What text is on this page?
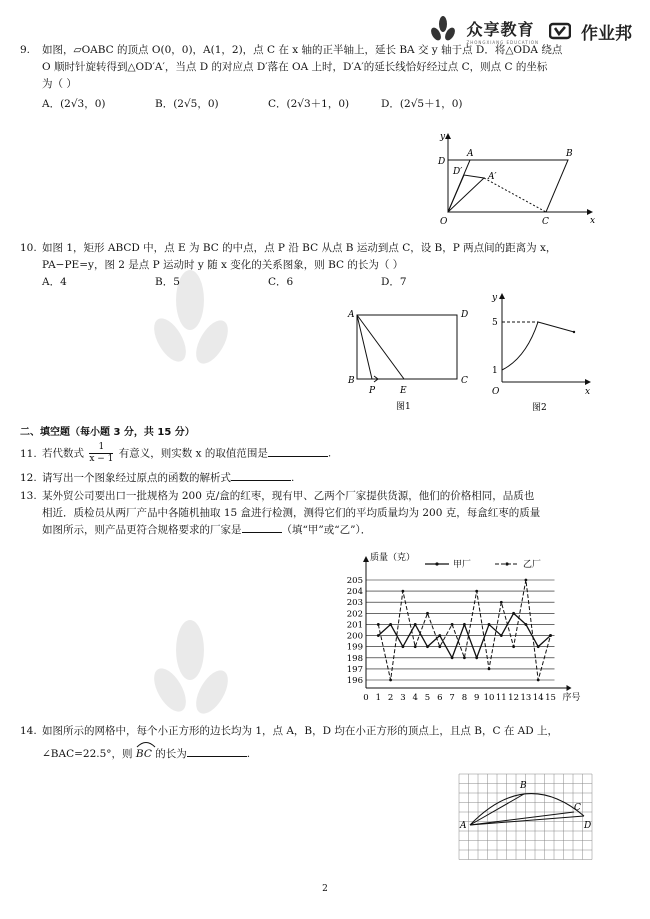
众享教育
ZHONGXIANG EDUCATION 作业邦
9. 如图，▱OABC 的顶点 O(0，0)，A(1，2)，点 C 在 x 轴的正半轴上，延长 BA 交 y 轴于点 D．将△ODA 绕点
O 顺时针旋转得到△OD′A′，当点 D 的对应点 D′落在 OA 上时，D′A′的延长线恰好经过点 C，则点 C 的坐标
为（ ）
A．(2√3，0)	B．(2√5，0)	C．(2√3＋1，0)	D．(2√5＋1，0)
O
y
x
C
D
A	B
D′	A′
10. 如图 1，矩形 ABCD 中，点 E 为 BC 的中点，点 P 沿 BC 从点 B 运动到点 C，设 B，P 两点间的距离为 x，
PA−PE=y，图 2 是点 P 运动时 y 随 x 变化的关系图象，则 BC 的长为（ ）
A．4	B．5	C．6	D．7
A	D
B	C
P	E
图1
y
x
O
5
1
图2
二、填空题（每小题 3 分，共 15 分）
11. 若代数式 $\frac{1}{x - 1}$ 有意义，则实数 x 的取值范围是	.
12. 请写出一个图象经过原点的函数的解析式	.
13. 某外贸公司要出口一批规格为 200 克/盒的红枣，现有甲、乙两个厂家提供货源，他们的价格相同，品质也
相近．质检员从两厂产品中各随机抽取 15 盒进行检测，测得它们的平均质量均为 200 克，每盒红枣的质量
如图所示，则产品更符合规格要求的厂家是	（填“甲”或“乙”）．
196
197
198
199
200
201
202
203
204
205
0 1 2 3 4 5 6 7 8 9 10 11 12 13 14 15 序号
质量（克）
甲厂	乙厂
14. 如图所示的网格中，每个小正方形的边长均为 1，点 A，B，D 均在小正方形的顶点上，且点 B，C 在 AD 上，
∠BAC=22.5°，则 BC 的长为	.
A
B
C
D
2
